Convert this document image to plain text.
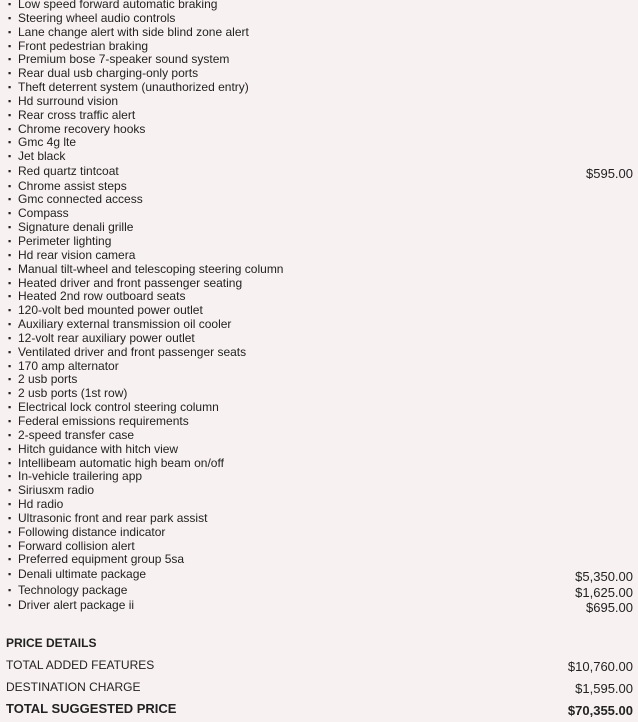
▪ Low speed forward automatic braking
▪ Steering wheel audio controls
▪ Lane change alert with side blind zone alert
▪ Front pedestrian braking
▪ Premium bose 7-speaker sound system
▪ Rear dual usb charging-only ports
▪ Theft deterrent system (unauthorized entry)
▪ Hd surround vision
▪ Rear cross traffic alert
▪ Chrome recovery hooks
▪ Gmc 4g lte
▪ Jet black
▪ Red quartz tintcoat	$595.00
▪ Chrome assist steps
▪ Gmc connected access
▪ Compass
▪ Signature denali grille
▪ Perimeter lighting
▪ Hd rear vision camera
▪ Manual tilt-wheel and telescoping steering column
▪ Heated driver and front passenger seating
▪ Heated 2nd row outboard seats
▪ 120-volt bed mounted power outlet
▪ Auxiliary external transmission oil cooler
▪ 12-volt rear auxiliary power outlet
▪ Ventilated driver and front passenger seats
▪ 170 amp alternator
▪ 2 usb ports
▪ 2 usb ports (1st row)
▪ Electrical lock control steering column
▪ Federal emissions requirements
▪ 2-speed transfer case
▪ Hitch guidance with hitch view
▪ Intellibeam automatic high beam on/off
▪ In-vehicle trailering app
▪ Siriusxm radio
▪ Hd radio
▪ Ultrasonic front and rear park assist
▪ Following distance indicator
▪ Forward collision alert
▪ Preferred equipment group 5sa
▪ Denali ultimate package	$5,350.00
▪ Technology package	$1,625.00
▪ Driver alert package ii	$695.00
PRICE DETAILS
TOTAL ADDED FEATURES	$10,760.00
DESTINATION CHARGE	$1,595.00
TOTAL SUGGESTED PRICE	$70,355.00
